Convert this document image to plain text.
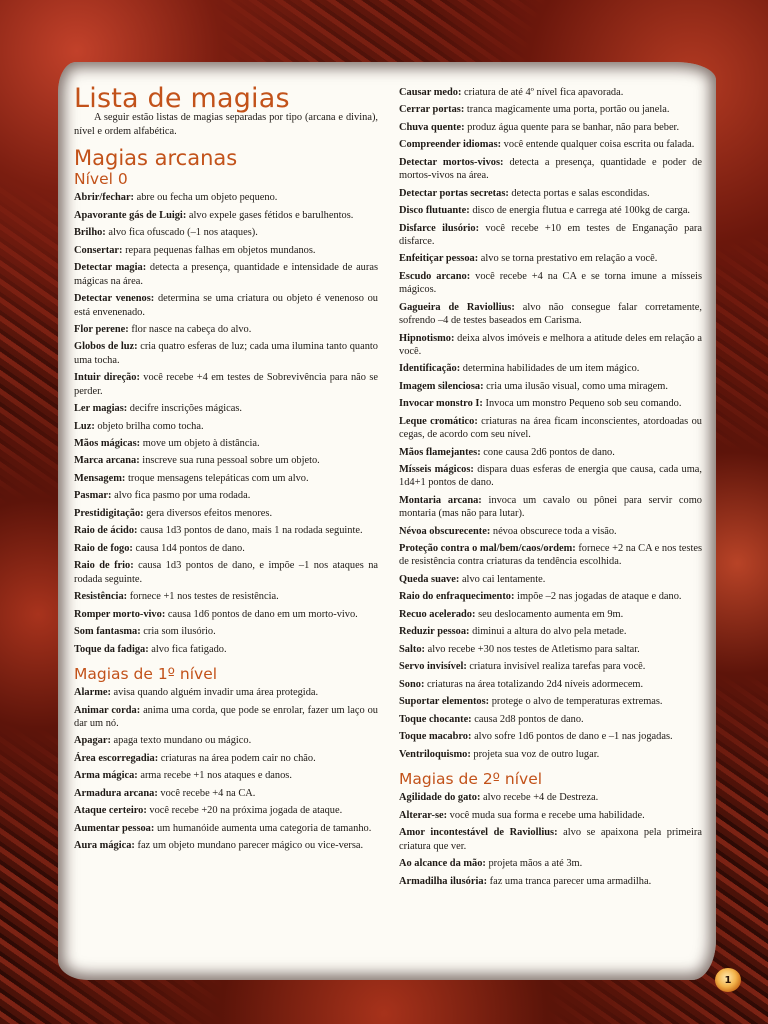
Lista de magias

A seguir estão listas de magias separadas por tipo (arcana e divina), nível e ordem alfabética.

Magias arcanas
Nível 0

Abrir/fechar: abre ou fecha um objeto pequeno.

Apavorante gás de Luigi: alvo expele gases fétidos e barulhentos.

Brilho: alvo fica ofuscado (–1 nos ataques).

Consertar: repara pequenas falhas em objetos mundanos.

Detectar magia: detecta a presença, quantidade e intensidade de auras mágicas na área.

Detectar venenos: determina se uma criatura ou objeto é venenoso ou está envenenado.

Flor perene: flor nasce na cabeça do alvo.

Globos de luz: cria quatro esferas de luz; cada uma ilumina tanto quanto uma tocha.

Intuir direção: você recebe +4 em testes de Sobrevivência para não se perder.

Ler magias: decifre inscrições mágicas.

Luz: objeto brilha como tocha.

Mãos mágicas: move um objeto à distância.

Marca arcana: inscreve sua runa pessoal sobre um objeto.

Mensagem: troque mensagens telepáticas com um alvo.

Pasmar: alvo fica pasmo por uma rodada.

Prestidigitação: gera diversos efeitos menores.

Raio de ácido: causa 1d3 pontos de dano, mais 1 na rodada seguinte.

Raio de fogo: causa 1d4 pontos de dano.

Raio de frio: causa 1d3 pontos de dano, e impõe –1 nos ataques na rodada seguinte.

Resistência: fornece +1 nos testes de resistência.

Romper morto-vivo: causa 1d6 pontos de dano em um morto-vivo.

Som fantasma: cria som ilusório.

Toque da fadiga: alvo fica fatigado.

Magias de 1º nível

Alarme: avisa quando alguém invadir uma área protegida.

Animar corda: anima uma corda, que pode se enrolar, fazer um laço ou dar um nó.

Apagar: apaga texto mundano ou mágico.

Área escorregadia: criaturas na área podem cair no chão.

Arma mágica: arma recebe +1 nos ataques e danos.

Armadura arcana: você recebe +4 na CA.

Ataque certeiro: você recebe +20 na próxima jogada de ataque.

Aumentar pessoa: um humanóide aumenta uma categoria de tamanho.

Aura mágica: faz um objeto mundano parecer mágico ou vice-versa.

Causar medo: criatura de até 4º nível fica apavorada.

Cerrar portas: tranca magicamente uma porta, portão ou janela.

Chuva quente: produz água quente para se banhar, não para beber.

Compreender idiomas: você entende qualquer coisa escrita ou falada.

Detectar mortos-vivos: detecta a presença, quantidade e poder de mortos-vivos na área.

Detectar portas secretas: detecta portas e salas escondidas.

Disco flutuante: disco de energia flutua e carrega até 100kg de carga.

Disfarce ilusório: você recebe +10 em testes de Enganação para disfarce.

Enfeitiçar pessoa: alvo se torna prestativo em relação a você.

Escudo arcano: você recebe +4 na CA e se torna imune a mísseis mágicos.

Gagueira de Raviollius: alvo não consegue falar corretamente, sofrendo –4 de testes baseados em Carisma.

Hipnotismo: deixa alvos imóveis e melhora a atitude deles em relação a você.

Identificação: determina habilidades de um item mágico.

Imagem silenciosa: cria uma ilusão visual, como uma miragem.

Invocar monstro I: Invoca um monstro Pequeno sob seu comando.

Leque cromático: criaturas na área ficam inconscientes, atordoadas ou cegas, de acordo com seu nível.

Mãos flamejantes: cone causa 2d6 pontos de dano.

Mísseis mágicos: dispara duas esferas de energia que causa, cada uma, 1d4+1 pontos de dano.

Montaria arcana: invoca um cavalo ou pônei para servir como montaria (mas não para lutar).

Névoa obscurecente: névoa obscurece toda a visão.

Proteção contra o mal/bem/caos/ordem: fornece +2 na CA e nos testes de resistência contra criaturas da tendência escolhida.

Queda suave: alvo cai lentamente.

Raio do enfraquecimento: impõe –2 nas jogadas de ataque e dano.

Recuo acelerado: seu deslocamento aumenta em 9m.

Reduzir pessoa: diminui a altura do alvo pela metade.

Salto: alvo recebe +30 nos testes de Atletismo para saltar.

Servo invisível: criatura invisível realiza tarefas para você.

Sono: criaturas na área totalizando 2d4 níveis adormecem.

Suportar elementos: protege o alvo de temperaturas extremas.

Toque chocante: causa 2d8 pontos de dano.

Toque macabro: alvo sofre 1d6 pontos de dano e –1 nas jogadas.

Ventriloquismo: projeta sua voz de outro lugar.

Magias de 2º nível

Agilidade do gato: alvo recebe +4 de Destreza.

Alterar-se: você muda sua forma e recebe uma habilidade.

Amor incontestável de Raviollius: alvo se apaixona pela primeira criatura que ver.

Ao alcance da mão: projeta mãos a até 3m.

Armadilha ilusória: faz uma tranca parecer uma armadilha.

1
